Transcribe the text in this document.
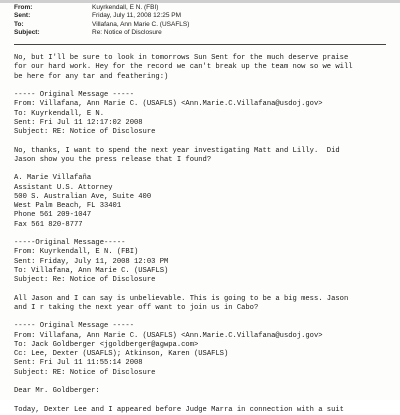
From:	Kuyrkendall, E N. (FBI)
Sent:	Friday, July 11, 2008 12:25 PM
To:	Villafana, Ann Marie C. (USAFLS)
Subject:	Re: Notice of Disclosure
No, but I'll be sure to look in tomorrows Sun Sent for the much deserve praise
for our hard work. Hey for the record we can't break up the team now so we will
be here for any tar and feathering:)
----- Original Message -----
From: Villafana, Ann Marie C. (USAFLS) <Ann.Marie.C.Villafana@usdoj.gov>
To: Kuyrkendall, E N.
Sent: Fri Jul 11 12:17:02 2008
Subject: RE: Notice of Disclosure
No, thanks, I want to spend the next year investigating Matt and Lilly.  Did
Jason show you the press release that I found?
A. Marie Villafaña
Assistant U.S. Attorney
500 S. Australian Ave, Suite 400
West Palm Beach, FL 33401
Phone 561 209-1047
Fax 561 820-8777
-----Original Message-----
From: Kuyrkendall, E N. (FBI)
Sent: Friday, July 11, 2008 12:03 PM
To: Villafana, Ann Marie C. (USAFLS)
Subject: Re: Notice of Disclosure
All Jason and I can say is unbelievable. This is going to be a big mess. Jason
and I r taking the next year off want to join us in Cabo?
----- Original Message -----
From: Villafana, Ann Marie C. (USAFLS) <Ann.Marie.C.Villafana@usdoj.gov>
To: Jack Goldberger <jgoldberger@agwpa.com>
Cc: Lee, Dexter (USAFLS); Atkinson, Karen (USAFLS)
Sent: Fri Jul 11 11:55:14 2008
Subject: RE: Notice of Disclosure
Dear Mr. Goldberger:
Today, Dexter Lee and I appeared before Judge Marra in connection with a suit
